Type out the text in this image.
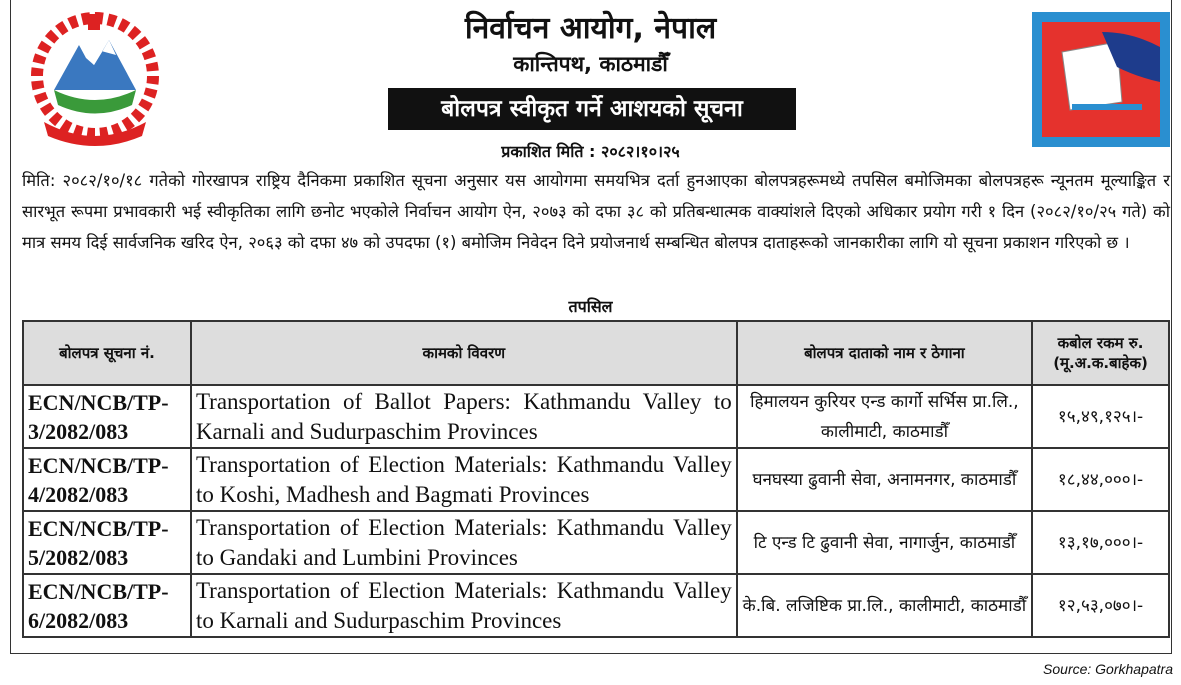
निर्वाचन आयोग, नेपाल
कान्तिपथ, काठमाडौँ
बोलपत्र स्वीकृत गर्ने आशयको सूचना
प्रकाशित मिति : २०८२।१०।२५
मिति: २०८२/१०/१८ गतेको गोरखापत्र राष्ट्रिय दैनिकमा प्रकाशित सूचना अनुसार यस आयोगमा समयभित्र दर्ता हुनआएका बोलपत्रहरूमध्ये तपसिल बमोजिमका बोलपत्रहरू न्यूनतम मूल्याङ्कित र सारभूत रूपमा प्रभावकारी भई स्वीकृतिका लागि छनोट भएकोले निर्वाचन आयोग ऐन, २०७३ को दफा ३८ को प्रतिबन्धात्मक वाक्यांशले दिएको अधिकार प्रयोग गरी १ दिन (२०८२/१०/२५ गते) को मात्र समय दिई सार्वजनिक खरिद ऐन, २०६३ को दफा ४७ को उपदफा (१) बमोजिम निवेदन दिने प्रयोजनार्थ सम्बन्धित बोलपत्र दाताहरूको जानकारीका लागि यो सूचना प्रकाशन गरिएको छ ।
तपसिल
बोलपत्र सूचना नं.	कामको विवरण	बोलपत्र दाताको नाम र ठेगाना	कबोल रकम रु. (मू.अ.क.बाहेक)
ECN/NCB/TP-3/2082/083	Transportation of Ballot Papers: Kathmandu Valley to Karnali and Sudurpaschim Provinces	हिमालयन कुरियर एन्ड कार्गो सर्भिस प्रा.लि., कालीमाटी, काठमाडौँ	१५,४९,१२५।-
ECN/NCB/TP-4/2082/083	Transportation of Election Materials: Kathmandu Valley to Koshi, Madhesh and Bagmati Provinces	घनघस्या ढुवानी सेवा, अनामनगर, काठमाडौँ	१८,४४,०००।-
ECN/NCB/TP-5/2082/083	Transportation of Election Materials: Kathmandu Valley to Gandaki and Lumbini Provinces	टि एन्ड टि ढुवानी सेवा, नागार्जुन, काठमाडौँ	१३,१७,०००।-
ECN/NCB/TP-6/2082/083	Transportation of Election Materials: Kathmandu Valley to Karnali and Sudurpaschim Provinces	के.बि. लजिष्टिक प्रा.लि., कालीमाटी, काठमाडौँ	१२,५३,०७०।-
Source: Gorkhapatra
